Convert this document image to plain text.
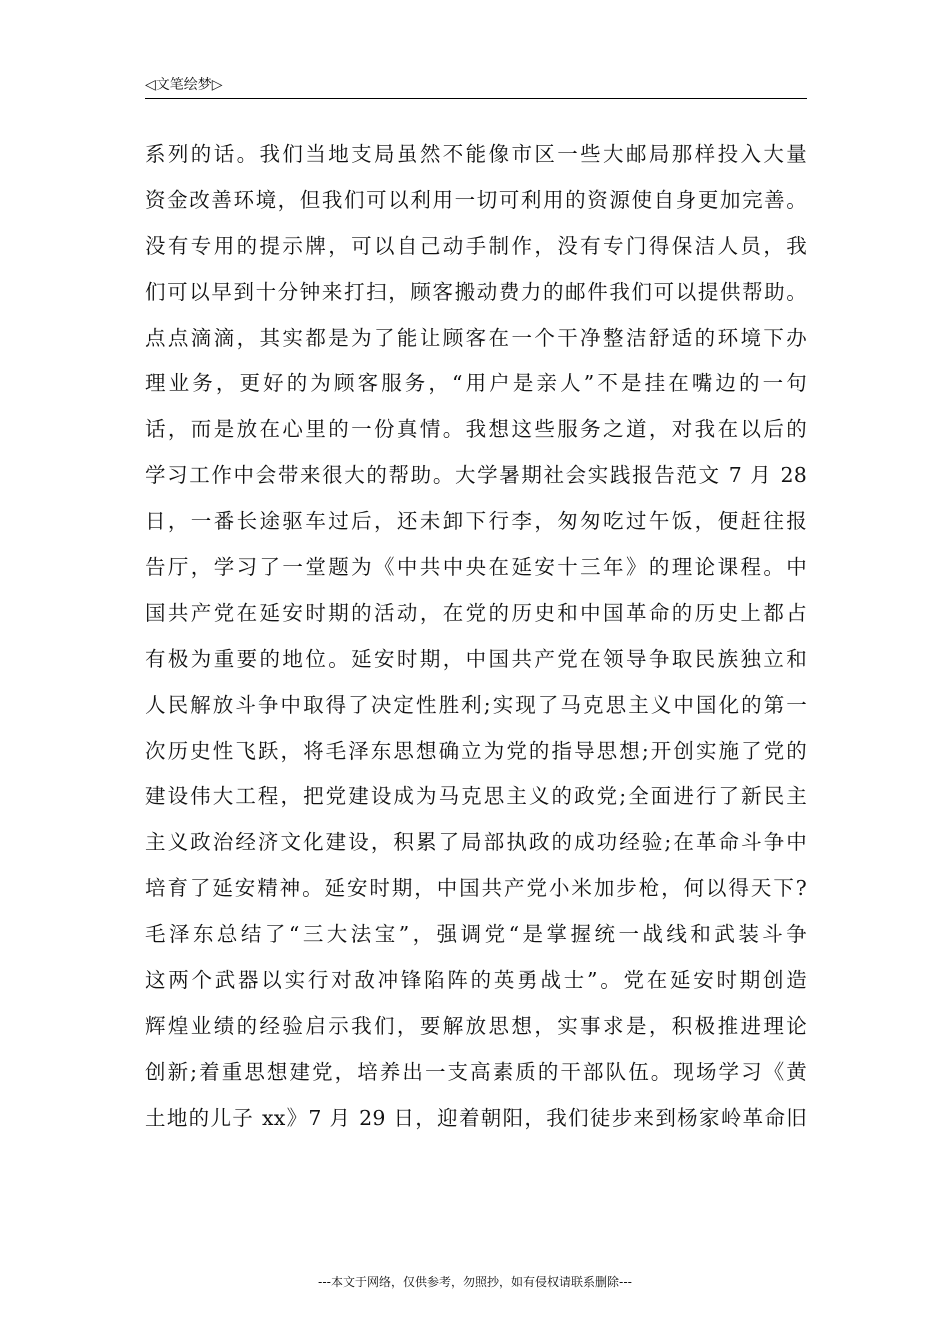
◁文笔绘梦▷
系列的话。我们当地支局虽然不能像市区一些大邮局那样投入大量
资金改善环境，但我们可以利用一切可利用的资源使自身更加完善。
没有专用的提示牌，可以自己动手制作，没有专门得保洁人员，我
们可以早到十分钟来打扫，顾客搬动费力的邮件我们可以提供帮助。
点点滴滴，其实都是为了能让顾客在一个干净整洁舒适的环境下办
理业务，更好的为顾客服务，“用户是亲人”不是挂在嘴边的一句
话，而是放在心里的一份真情。我想这些服务之道，对我在以后的
学习工作中会带来很大的帮助。大学暑期社会实践报告范文 7 月 28
日，一番长途驱车过后，还未卸下行李，匆匆吃过午饭，便赶往报
告厅，学习了一堂题为《中共中央在延安十三年》的理论课程。中
国共产党在延安时期的活动，在党的历史和中国革命的历史上都占
有极为重要的地位。延安时期，中国共产党在领导争取民族独立和
人民解放斗争中取得了决定性胜利;实现了马克思主义中国化的第一
次历史性飞跃，将毛泽东思想确立为党的指导思想;开创实施了党的
建设伟大工程，把党建设成为马克思主义的政党;全面进行了新民主
主义政治经济文化建设，积累了局部执政的成功经验;在革命斗争中
培育了延安精神。延安时期，中国共产党小米加步枪，何以得天下?
毛泽东总结了“三大法宝”，强调党“是掌握统一战线和武装斗争
这两个武器以实行对敌冲锋陷阵的英勇战士”。党在延安时期创造
辉煌业绩的经验启示我们，要解放思想，实事求是，积极推进理论
创新;着重思想建党，培养出一支高素质的干部队伍。现场学习《黄
土地的儿子 xx》7 月 29 日，迎着朝阳，我们徒步来到杨家岭革命旧
---本文于网络，仅供参考，勿照抄，如有侵权请联系删除---
